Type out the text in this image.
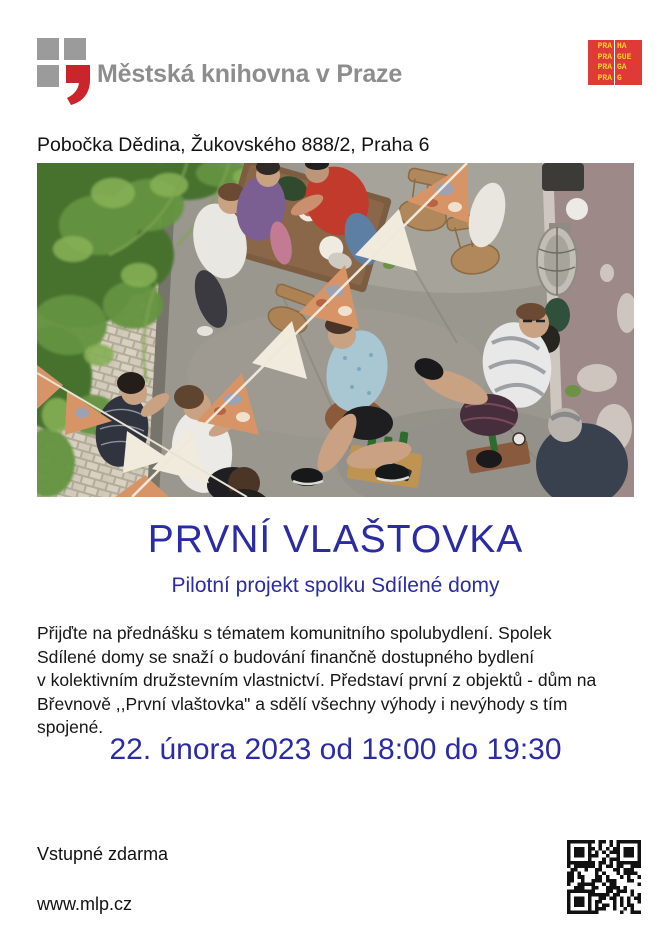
Městská knihovna v Praze
PRA
PRA
PRA
PRA
HA
GUE
GA
G
Pobočka Dědina, Žukovského 888/2, Praha 6
PRVNÍ VLAŠTOVKA
Pilotní projekt spolku Sdílené domy
Přijďte na přednášku s tématem komunitního spolubydlení. Spolek
Sdílené domy se snaží o budování finančně dostupného bydlení
v kolektivním družstevním vlastnictví. Představí první z objektů - dům na
Břevnově ,,První vlaštovka" a sdělí všechny výhody i nevýhody s tím
spojené.
22. února 2023 od 18:00 do 19:30
Vstupné zdarma
www.mlp.cz
